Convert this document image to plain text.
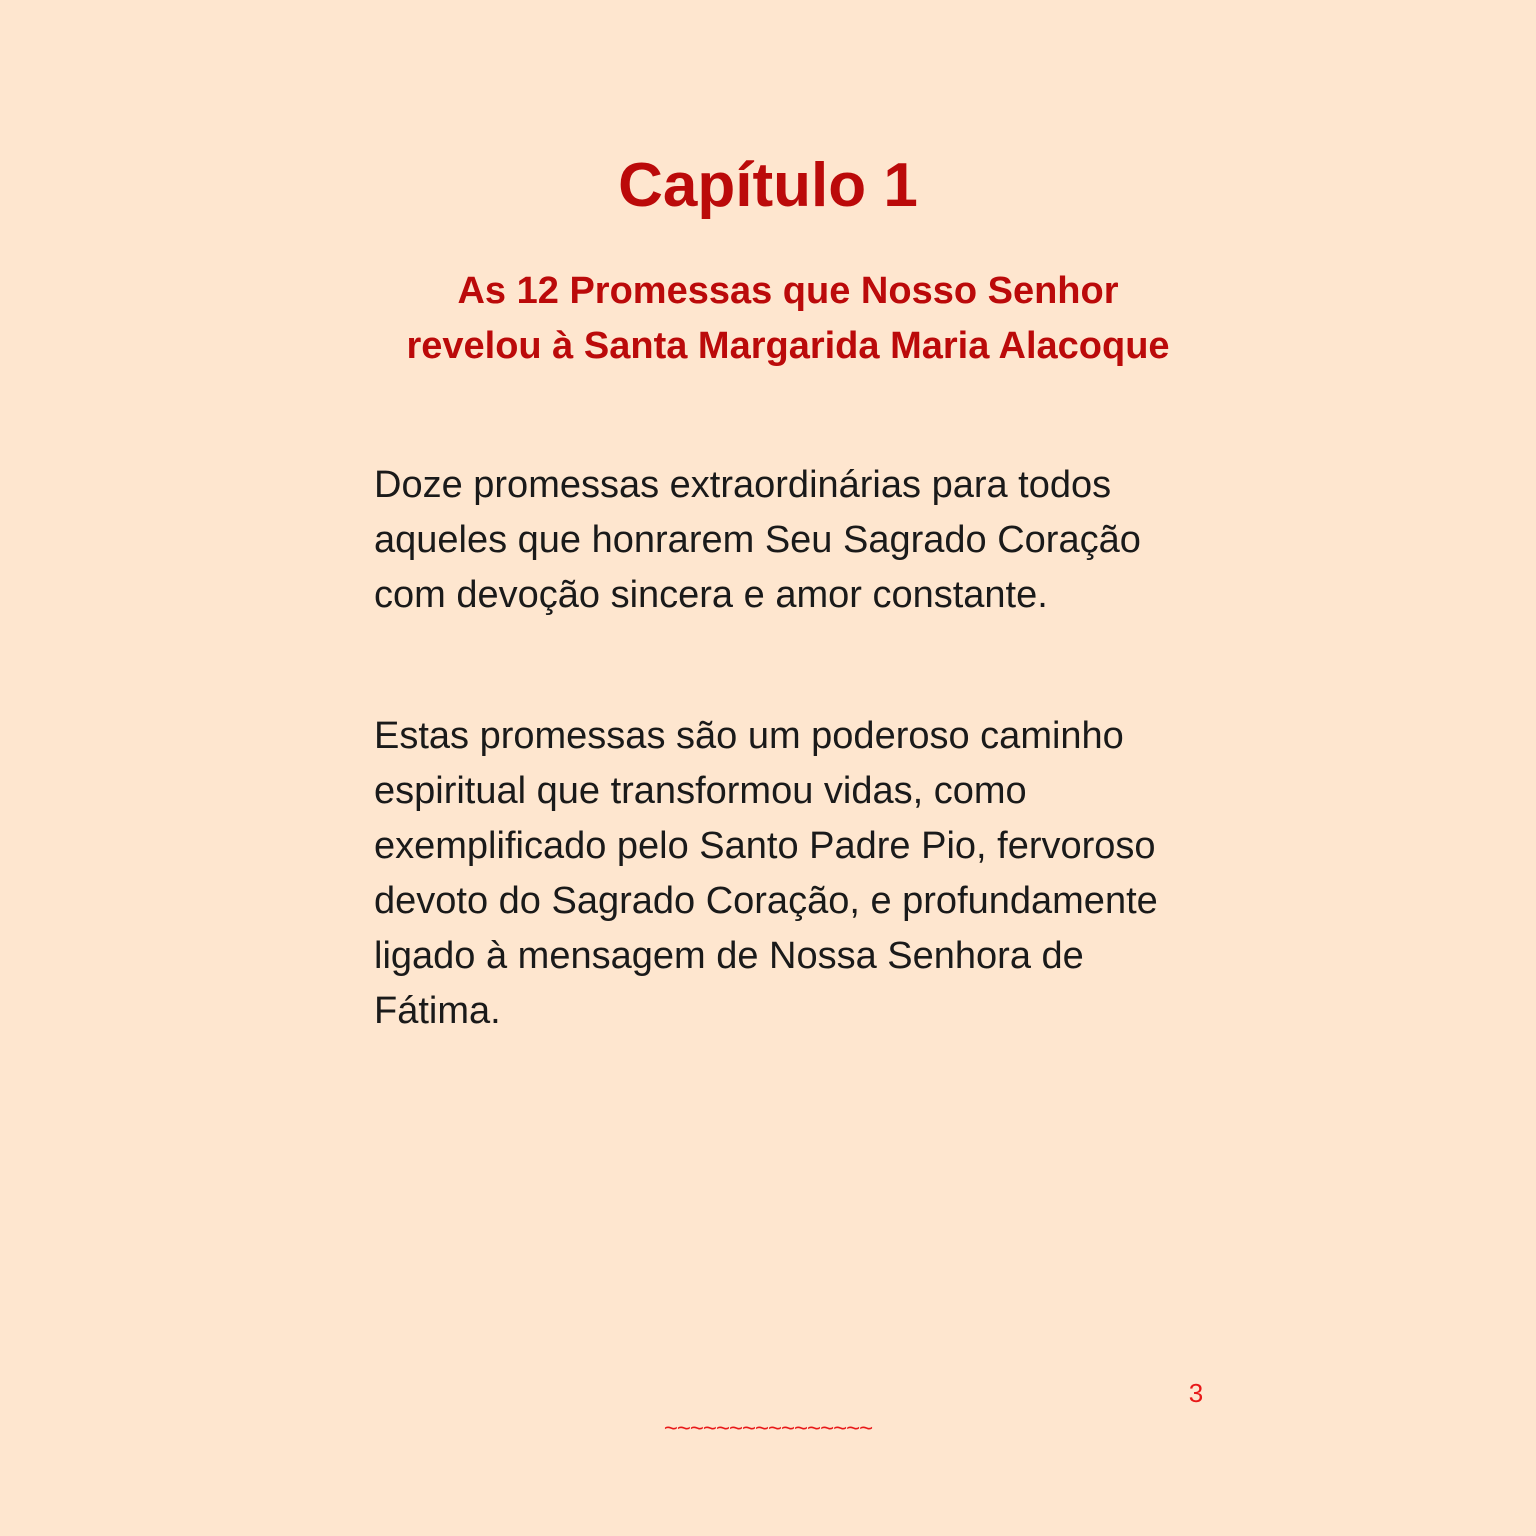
Capítulo 1
As 12 Promessas que Nosso Senhor revelou à Santa Margarida Maria Alacoque

Doze promessas extraordinárias para todos aqueles que honrarem Seu Sagrado Coração com devoção sincera e amor constante.

Estas promessas são um poderoso caminho espiritual que transformou vidas, como exemplificado pelo Santo Padre Pio, fervoroso devoto do Sagrado Coração, e profundamente ligado à mensagem de Nossa Senhora de Fátima.

3
~~~~~~~~~~~~~~~~
